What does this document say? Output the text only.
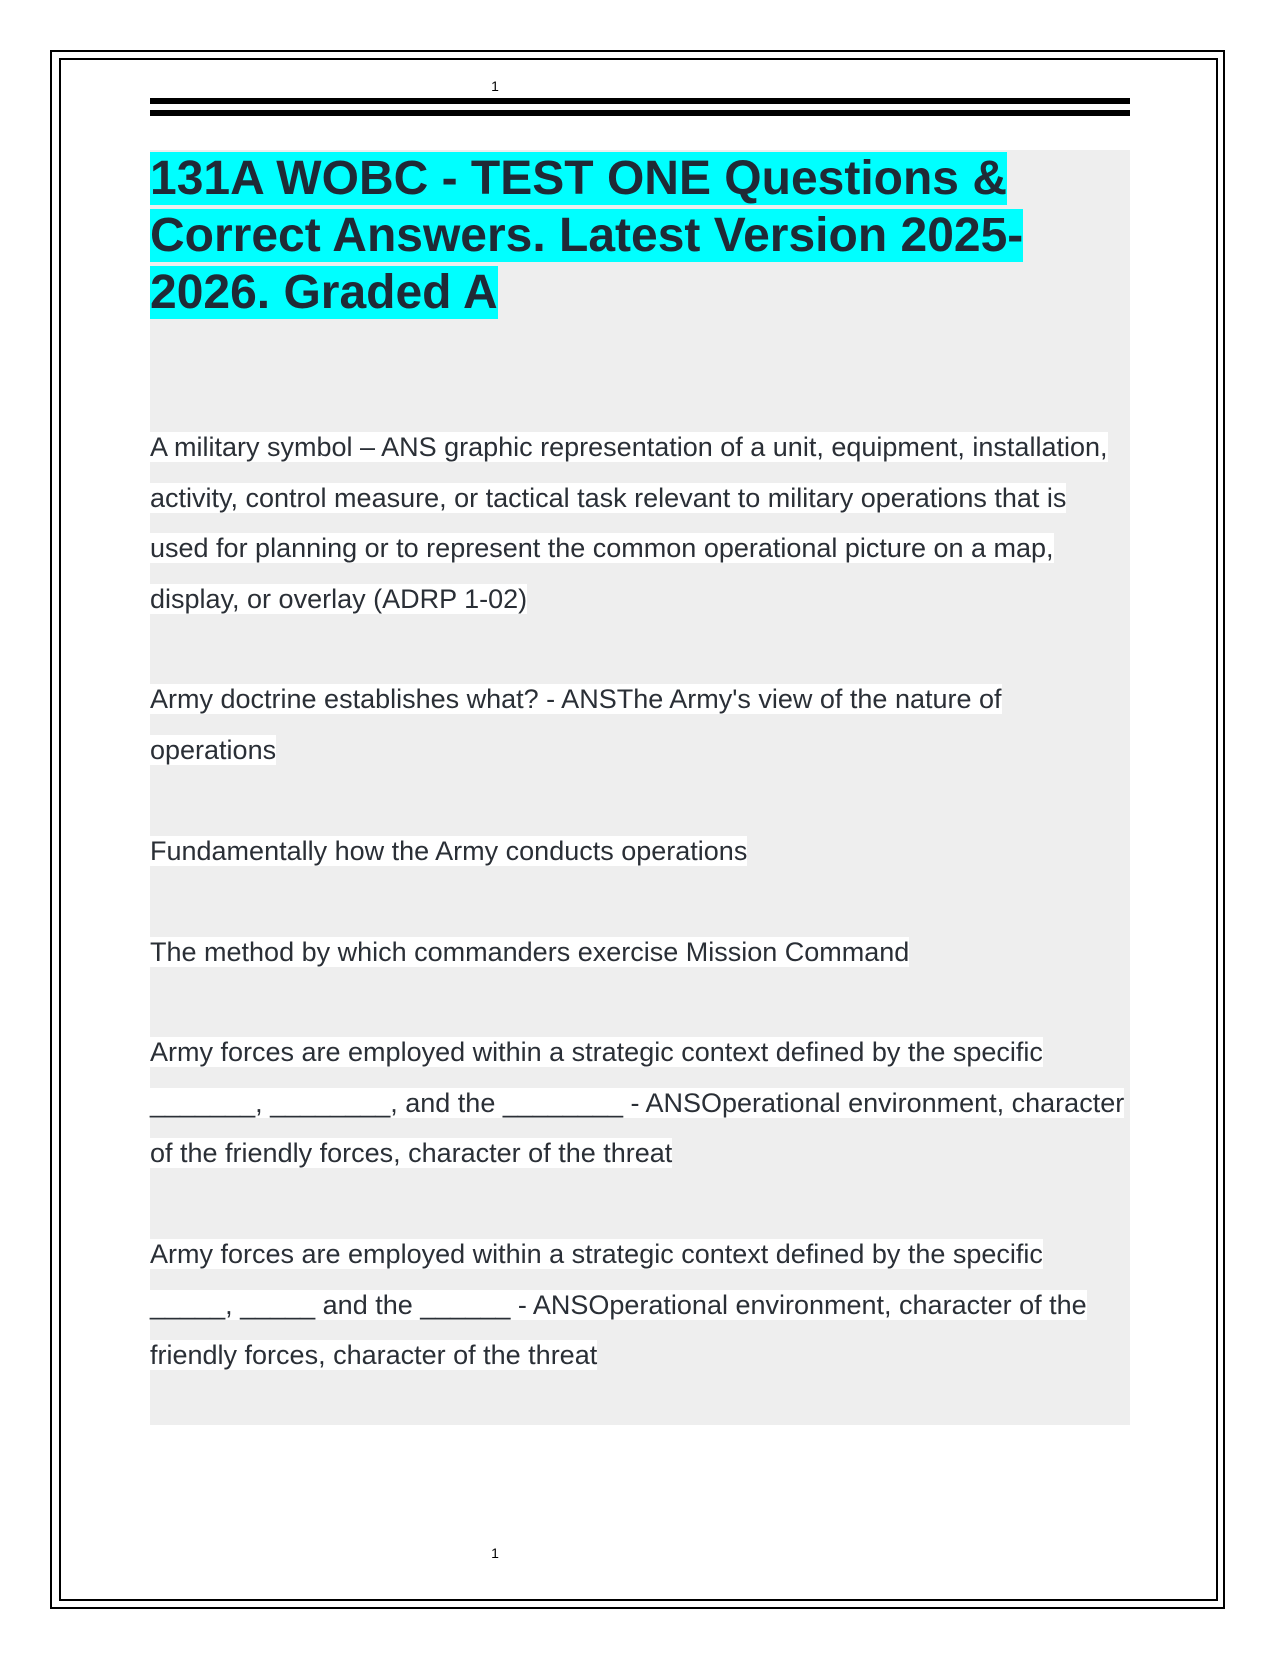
1
131A WOBC - TEST ONE Questions & Correct Answers. Latest Version 2025-2026. Graded A

A military symbol – ANS graphic representation of a unit, equipment, installation, activity, control measure, or tactical task relevant to military operations that is used for planning or to represent the common operational picture on a map, display, or overlay (ADRP 1-02)

Army doctrine establishes what? - ANSThe Army's view of the nature of operations

Fundamentally how the Army conducts operations

The method by which commanders exercise Mission Command

Army forces are employed within a strategic context defined by the specific _______, ________, and the ________ - ANSOperational environment, character of the friendly forces, character of the threat

Army forces are employed within a strategic context defined by the specific _____, _____ and the ______ - ANSOperational environment, character of the friendly forces, character of the threat

1
